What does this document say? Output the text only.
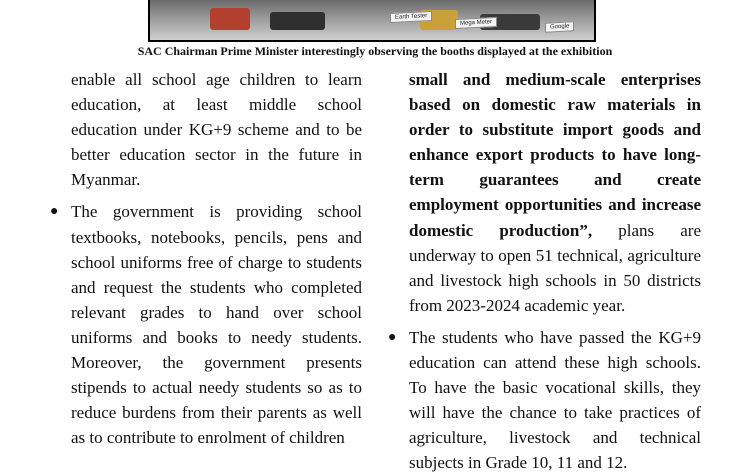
Earth Tester
Mega Meter
Google
SAC Chairman Prime Minister interestingly observing the booths displayed at the exhibition

enable all school age children to learn education, at least middle school education under KG+9 scheme and to be better education sector in the future in Myanmar.

● The government is providing school textbooks, notebooks, pencils, pens and school uniforms free of charge to students and request the students who completed relevant grades to hand over school uniforms and books to needy students. Moreover, the government presents stipends to actual needy students so as to reduce burdens from their parents as well as to contribute to enrolment of children

small and medium-scale enterprises based on domestic raw materials in order to substitute import goods and enhance export products to have long-term guarantees and create employment opportunities and increase domestic production”, plans are underway to open 51 technical, agriculture and livestock high schools in 50 districts from 2023-2024 academic year.

● The students who have passed the KG+9 education can attend these high schools. To have the basic vocational skills, they will have the chance to take practices of agriculture, livestock and technical subjects in Grade 10, 11 and 12.
